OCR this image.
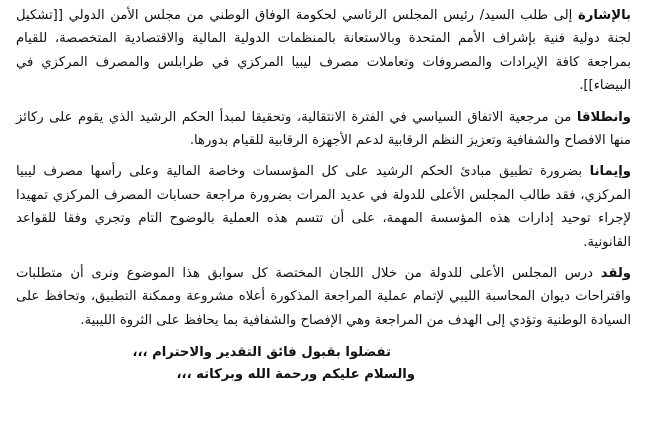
بالإشارة إلى طلب السيد/ رئيس المجلس الرئاسي لحكومة الوفاق الوطني من مجلس الأمن الدولي [[تشكيل لجنة دولية فنية بإشراف الأمم المتحدة وبالاستعانة بالمنظمات الدولية المالية والاقتصادية المتخصصة، للقيام بمراجعة كافة الإيرادات والمصروفات وتعاملات مصرف ليبيا المركزي في طرابلس والمصرف المركزي في البيضاء]].

وانطلاقا من مرجعية الاتفاق السياسي في الفترة الانتقالية، وتحقيقا لمبدأ الحكم الرشيد الذي يقوم على ركائز منها الافصاح والشفافية وتعزيز النظم الرقابية لدعم الأجهزة الرقابية للقيام بدورها.

وإيمانا بضرورة تطبيق مبادئ الحكم الرشيد على كل المؤسسات وخاصة المالية وعلى رأسها مصرف ليبيا المركزي، فقد طالب المجلس الأعلى للدولة في عديد المرات بضرورة مراجعة حسابات المصرف المركزي تمهيدا لإجراء توحيد إدارات هذه المؤسسة المهمة، على أن تتسم هذه العملية بالوضوح التام وتجري وفقا للقواعد القانونية.

ولقد درس المجلس الأعلى للدولة من خلال اللجان المختصة كل سوابق هذا الموضوع ونرى أن متطلبات واقتراحات ديوان المحاسبة الليبي لإتمام عملية المراجعة المذكورة أعلاه مشروعة وممكنة التطبيق، وتحافظ على السيادة الوطنية وتؤدي إلى الهدف من المراجعة وهي الإفصاح والشفافية بما يحافظ على الثروة الليبية.

تفضلوا بقبول فائق التقدير والاحترام ،،،
والسلام عليكم ورحمة الله وبركاته ،،،
